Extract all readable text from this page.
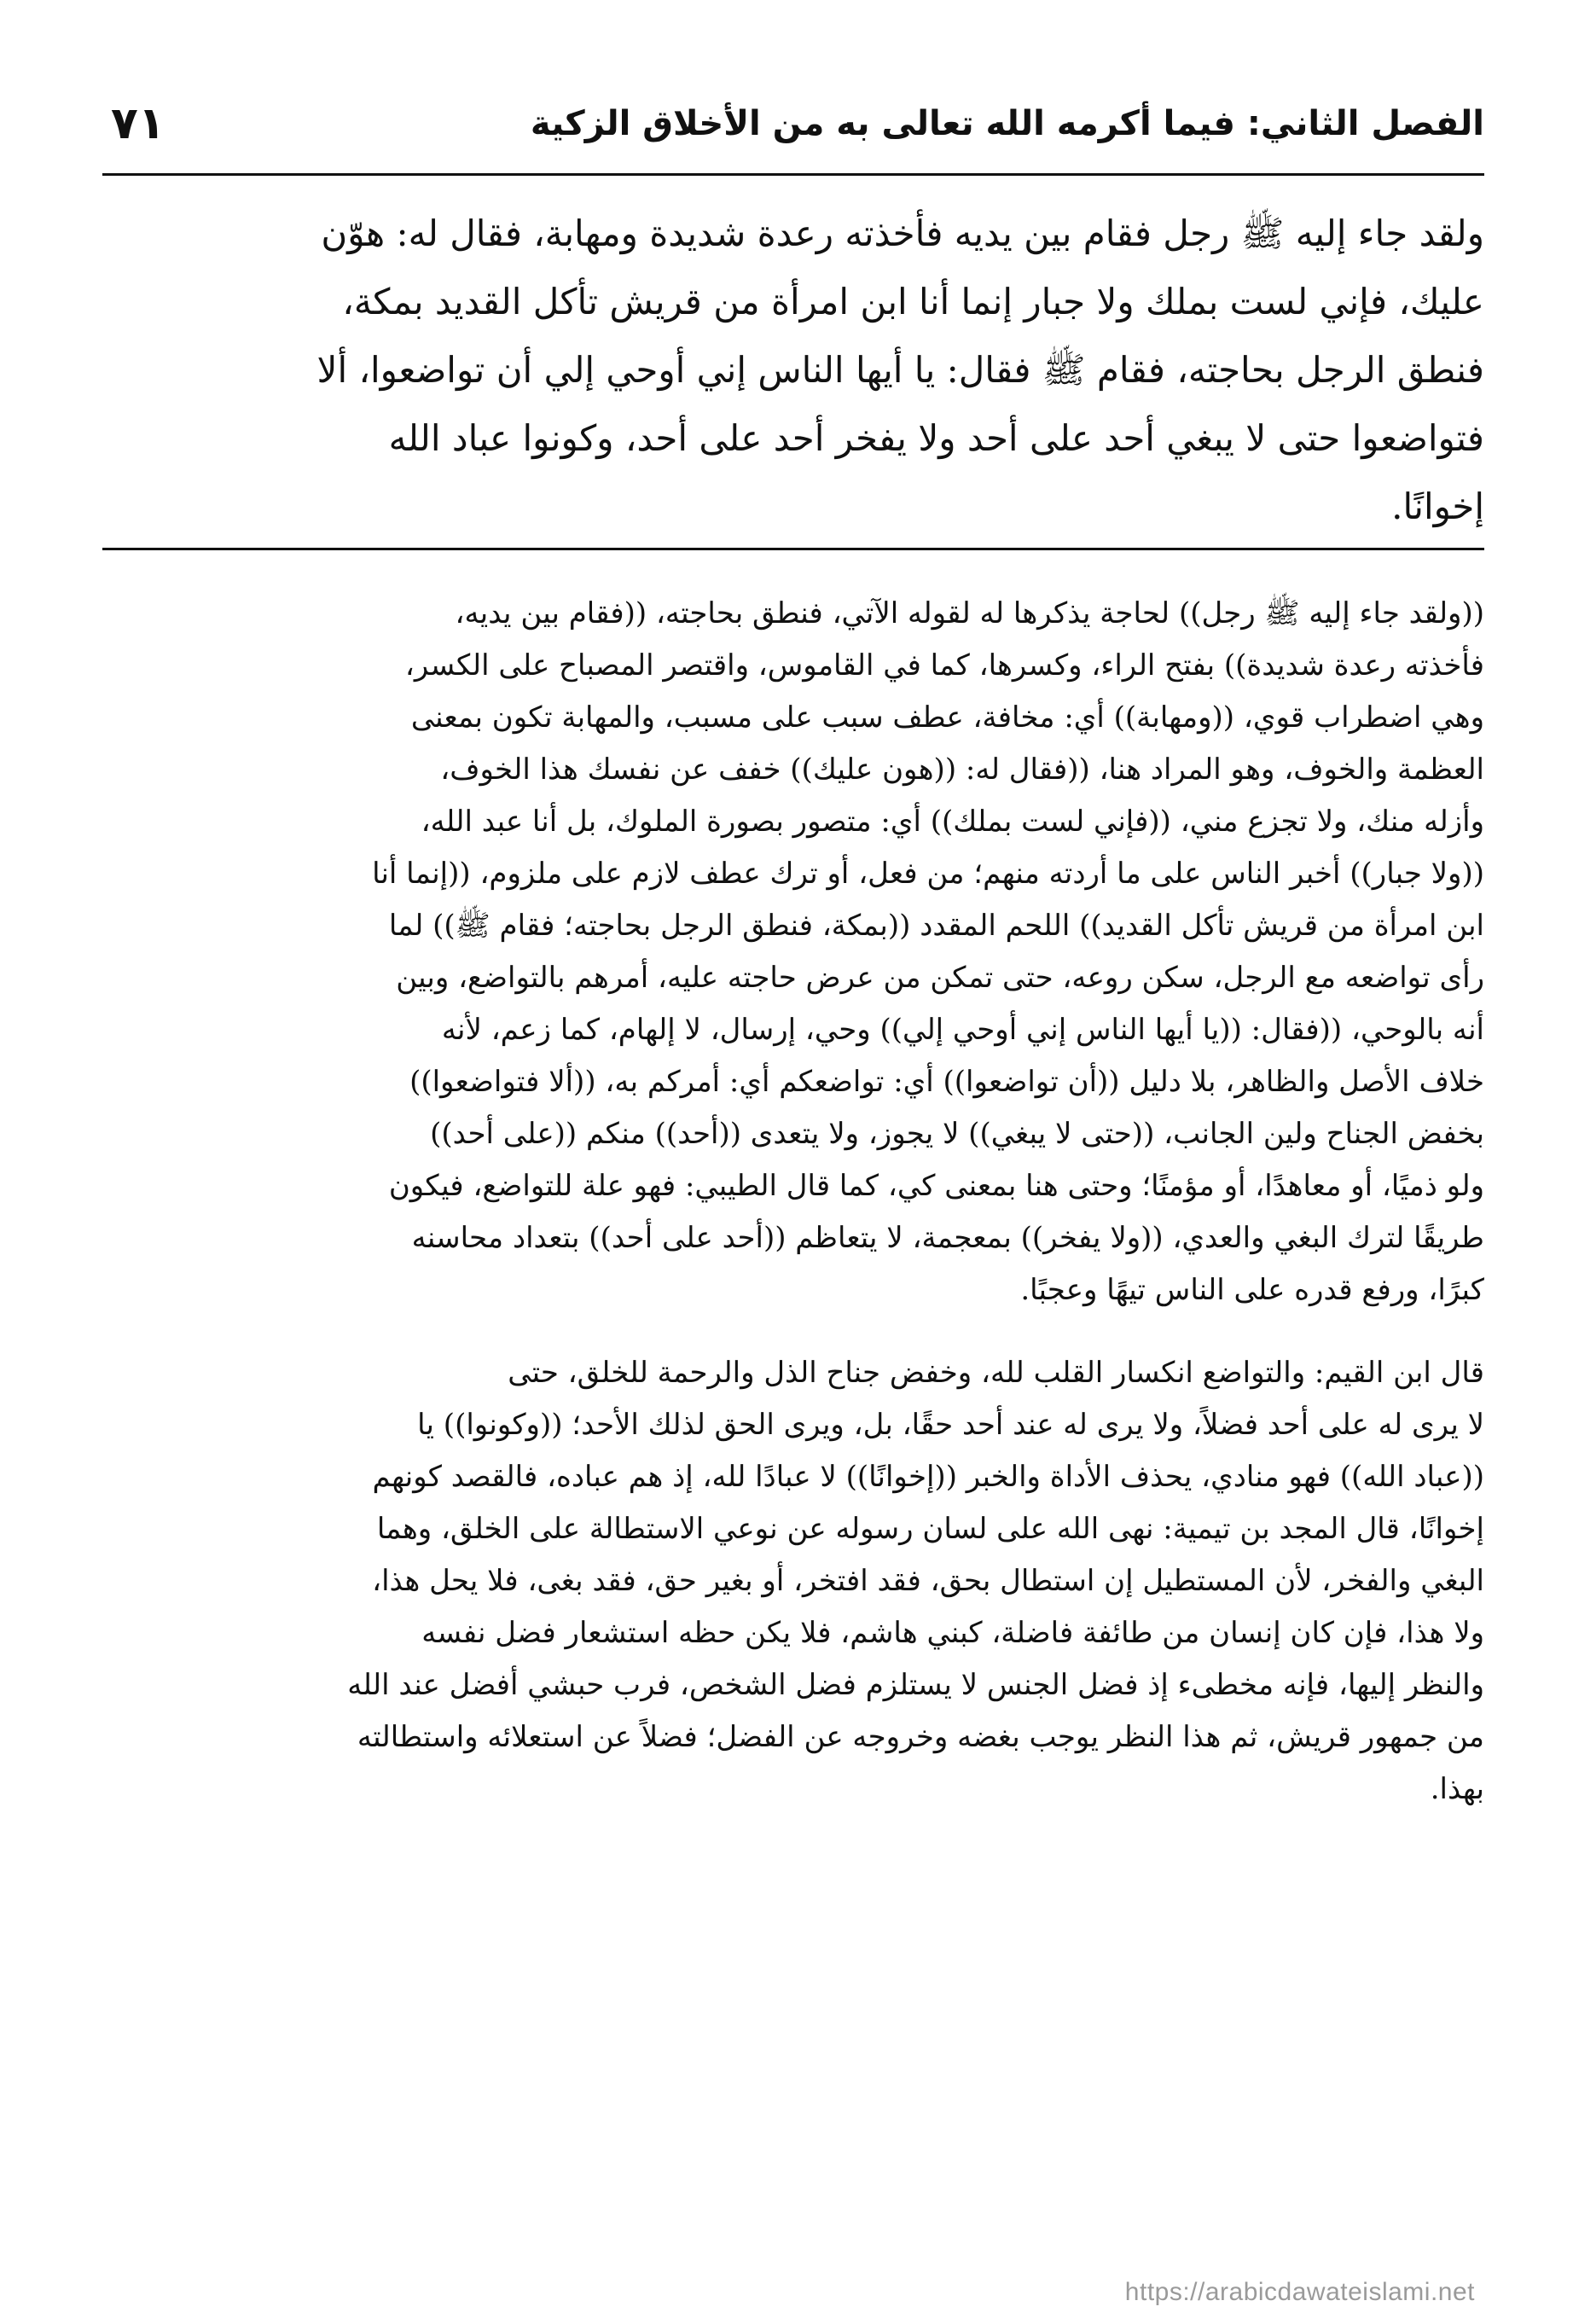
الفصل الثاني: فيما أكرمه الله تعالى به من الأخلاق الزكية
٧١
ولقد جاء إليه ﷺ رجل فقام بين يديه فأخذته رعدة شديدة ومهابة، فقال له: هوّن
عليك، فإني لست بملك ولا جبار إنما أنا ابن امرأة من قريش تأكل القديد بمكة،
فنطق الرجل بحاجته، فقام ﷺ فقال: يا أيها الناس إني أوحي إلي أن تواضعوا، ألا
فتواضعوا حتى لا يبغي أحد على أحد ولا يفخر أحد على أحد، وكونوا عباد الله
إخوانًا.

((ولقد جاء إليه ﷺ رجل)) لحاجة يذكرها له لقوله الآتي، فنطق بحاجته، ((فقام بين يديه،
فأخذته رعدة شديدة)) بفتح الراء، وكسرها، كما في القاموس، واقتصر المصباح على الكسر،
وهي اضطراب قوي، ((ومهابة)) أي: مخافة، عطف سبب على مسبب، والمهابة تكون بمعنى
العظمة والخوف، وهو المراد هنا، ((فقال له: ((هون عليك)) خفف عن نفسك هذا الخوف،
وأزله منك، ولا تجزع مني، ((فإني لست بملك)) أي: متصور بصورة الملوك، بل أنا عبد الله،
((ولا جبار)) أخبر الناس على ما أردته منهم؛ من فعل، أو ترك عطف لازم على ملزوم، ((إنما أنا
ابن امرأة من قريش تأكل القديد)) اللحم المقدد ((بمكة، فنطق الرجل بحاجته؛ فقام ﷺ)) لما
رأى تواضعه مع الرجل، سكن روعه، حتى تمكن من عرض حاجته عليه، أمرهم بالتواضع، وبين
أنه بالوحي، ((فقال: ((يا أيها الناس إني أوحي إلي)) وحي، إرسال، لا إلهام، كما زعم، لأنه
خلاف الأصل والظاهر، بلا دليل ((أن تواضعوا)) أي: تواضعكم أي: أمركم به، ((ألا فتواضعوا))
بخفض الجناح ولين الجانب، ((حتى لا يبغي)) لا يجوز، ولا يتعدى ((أحد)) منكم ((على أحد))
ولو ذميًا، أو معاهدًا، أو مؤمنًا؛ وحتى هنا بمعنى كي، كما قال الطيبي: فهو علة للتواضع، فيكون
طريقًا لترك البغي والعدي، ((ولا يفخر)) بمعجمة، لا يتعاظم ((أحد على أحد)) بتعداد محاسنه
كبرًا، ورفع قدره على الناس تيهًا وعجبًا.

قال ابن القيم: والتواضع انكسار القلب لله، وخفض جناح الذل والرحمة للخلق، حتى
لا يرى له على أحد فضلاً، ولا يرى له عند أحد حقًا، بل، ويرى الحق لذلك الأحد؛ ((وكونوا)) يا
((عباد الله)) فهو منادي، يحذف الأداة والخبر ((إخوانًا)) لا عبادًا لله، إذ هم عباده، فالقصد كونهم
إخوانًا، قال المجد بن تيمية: نهى الله على لسان رسوله عن نوعي الاستطالة على الخلق، وهما
البغي والفخر، لأن المستطيل إن استطال بحق، فقد افتخر، أو بغير حق، فقد بغى، فلا يحل هذا،
ولا هذا، فإن كان إنسان من طائفة فاضلة، كبني هاشم، فلا يكن حظه استشعار فضل نفسه
والنظر إليها، فإنه مخطىء إذ فضل الجنس لا يستلزم فضل الشخص، فرب حبشي أفضل عند الله
من جمهور قريش، ثم هذا النظر يوجب بغضه وخروجه عن الفضل؛ فضلاً عن استعلائه واستطالته
بهذا.

https://arabicdawateislami.net
